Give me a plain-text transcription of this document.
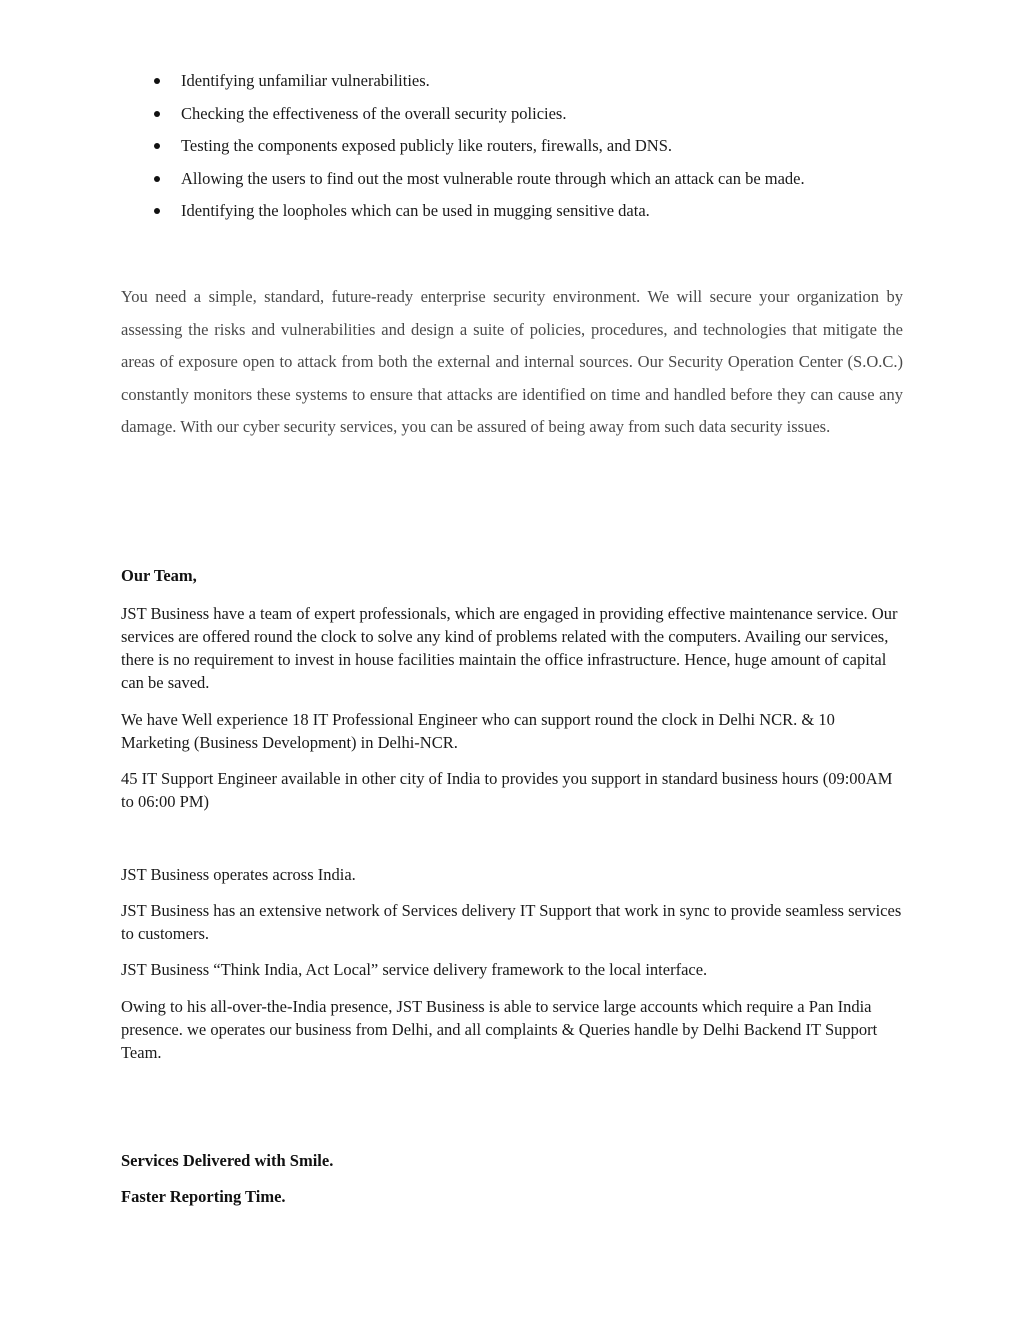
Identifying unfamiliar vulnerabilities.
Checking the effectiveness of the overall security policies.
Testing the components exposed publicly like routers, firewalls, and DNS.
Allowing the users to find out the most vulnerable route through which an attack can be made.
Identifying the loopholes which can be used in mugging sensitive data.

You need a simple, standard, future-ready enterprise security environment. We will secure your organization by assessing the risks and vulnerabilities and design a suite of policies, procedures, and technologies that mitigate the areas of exposure open to attack from both the external and internal sources. Our Security Operation Center (S.O.C.) constantly monitors these systems to ensure that attacks are identified on time and handled before they can cause any damage. With our cyber security services, you can be assured of being away from such data security issues.

Our Team,

JST Business have a team of expert professionals, which are engaged in providing effective maintenance service. Our services are offered round the clock to solve any kind of problems related with the computers. Availing our services, there is no requirement to invest in house facilities maintain the office infrastructure. Hence, huge amount of capital can be saved.

We have Well experience 18 IT Professional Engineer who can support round the clock in Delhi NCR. & 10 Marketing (Business Development) in Delhi-NCR.

45 IT Support Engineer available in other city of India to provides you support in standard business hours (09:00AM to 06:00 PM)

JST Business operates across India.

JST Business has an extensive network of Services delivery IT Support that work in sync to provide seamless services to customers.

JST Business “Think India, Act Local” service delivery framework to the local interface.

Owing to his all-over-the-India presence, JST Business is able to service large accounts which require a Pan India presence. we operates our business from Delhi, and all complaints & Queries handle by Delhi Backend IT Support Team.

Services Delivered with Smile.
Faster Reporting Time.
